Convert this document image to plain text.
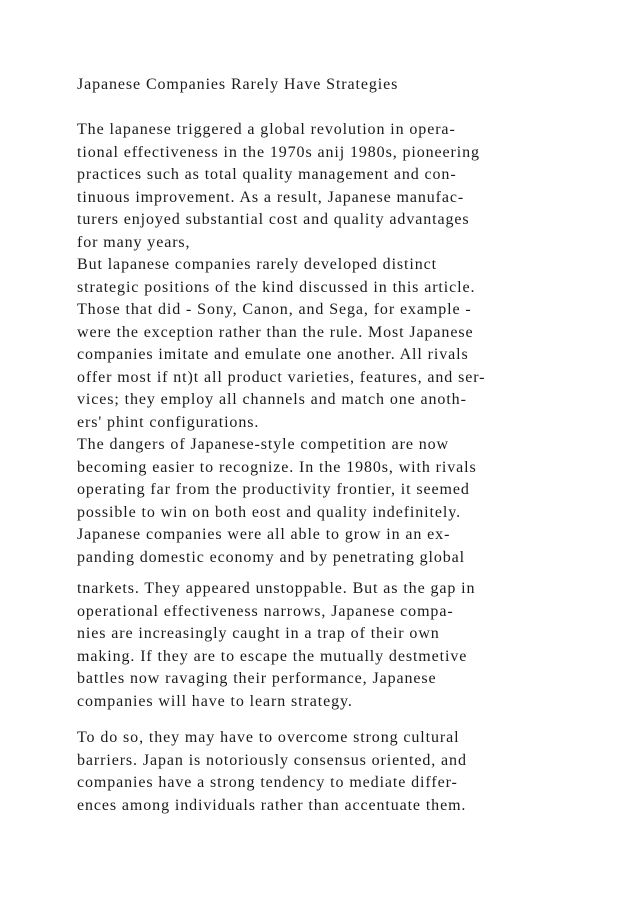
Japanese Companies Rarely Have Strategies
The lapanese triggered a global revolution in opera-
tional effectiveness in the 1970s anij 1980s, pioneering
practices such as total quality management and con-
tinuous improvement. As a result, Japanese manufac-
turers enjoyed substantial cost and quality advantages
for many years,
But lapanese companies rarely developed distinct
strategic positions of the kind discussed in this article.
Those that did - Sony, Canon, and Sega, for example -
were the exception rather than the rule. Most Japanese
companies imitate and emulate one another. All rivals
offer most if nt)t all product varieties, features, and ser-
vices; they employ all channels and match one anoth-
ers' phint configurations.
The dangers of Japanese-style competition are now
becoming easier to recognize. In the 1980s, with rivals
operating far from the productivity frontier, it seemed
possible to win on both eost and quality indefinitely.
Japanese companies were all able to grow in an ex-
panding domestic economy and by penetrating global
tnarkets. They appeared unstoppable. But as the gap in
operational effectiveness narrows, Japanese compa-
nies are increasingly caught in a trap of their own
making. If they are to escape the mutually destmetive
battles now ravaging their performance, Japanese
companies will have to learn strategy.
To do so, they may have to overcome strong cultural
barriers. Japan is notoriously consensus oriented, and
companies have a strong tendency to mediate differ-
ences among individuals rather than accentuate them.
